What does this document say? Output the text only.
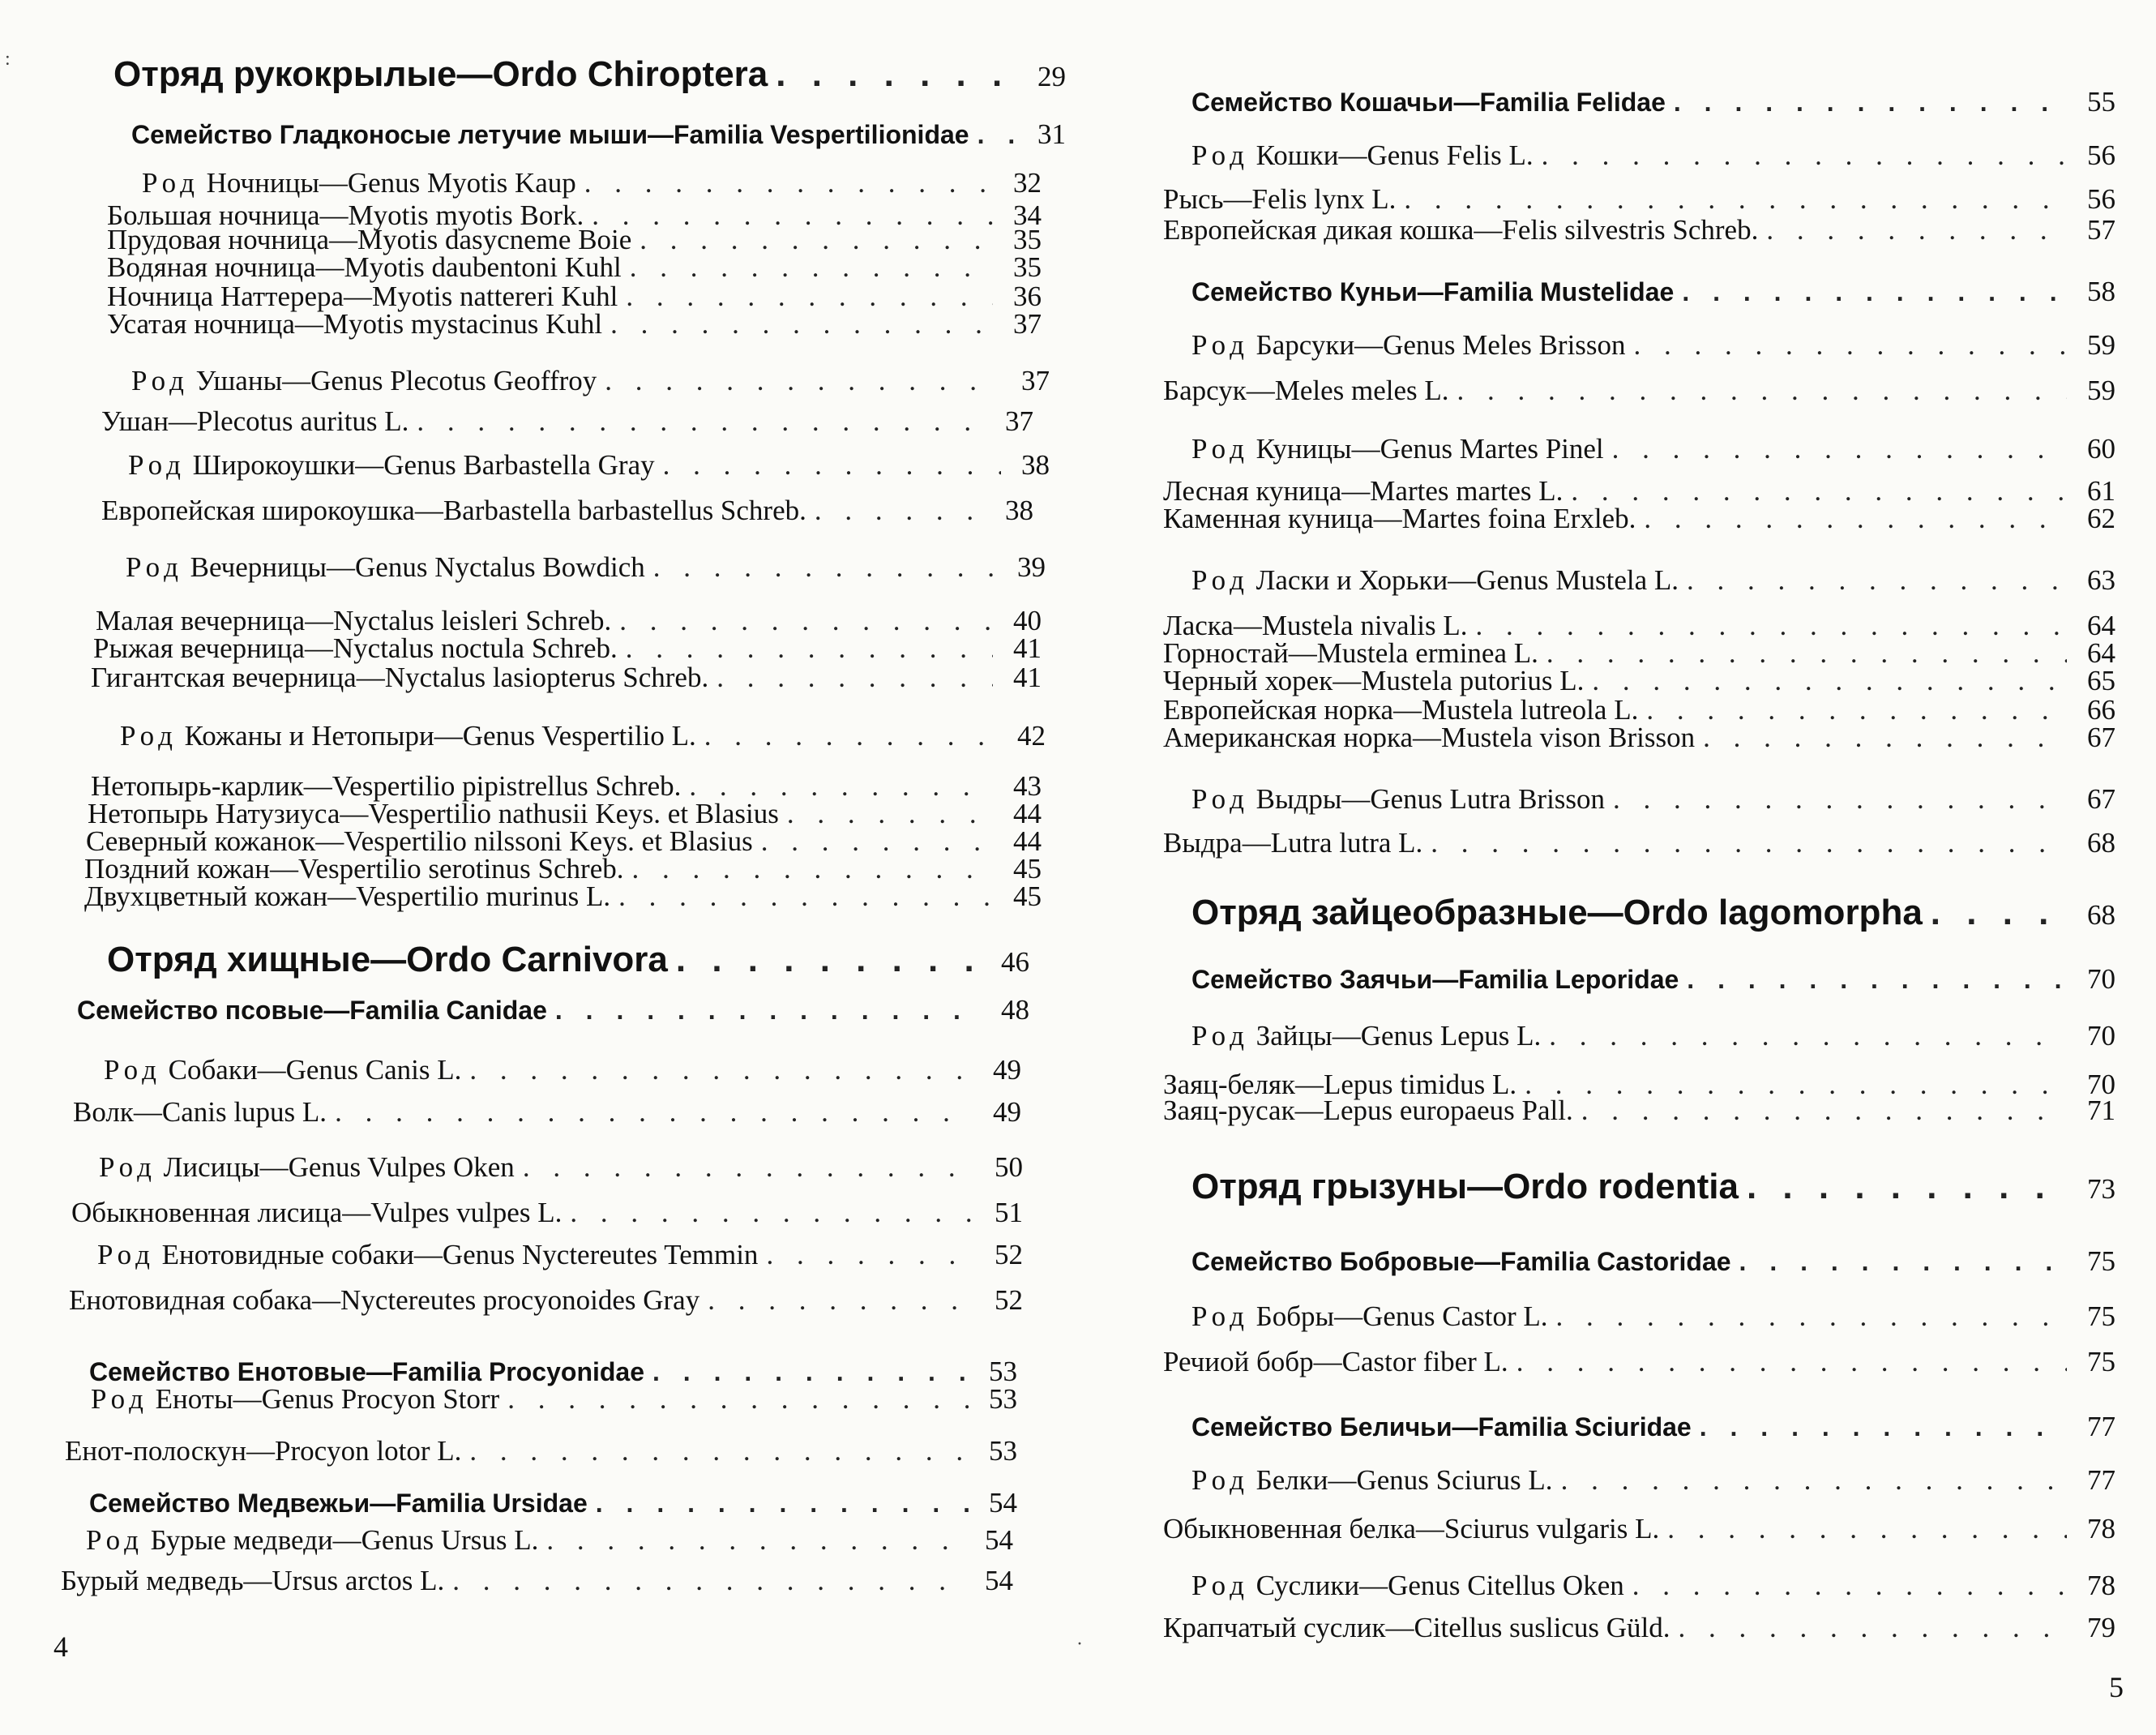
Отряд рукокрылые—Ordo Chiroptera . . .	29
Семейство Гладконосые летучие мыши—Familia Vespertilionidae . . .	31
Род Ночницы—Genus Myotis Kaup . . .	32
Большая ночница—Myotis myotis Bork. . . .	34
Прудовая ночница—Myotis dasycneme Boie . . .	35
Водяная ночница—Myotis daubentoni Kuhl . . .	35
Ночница Наттерера—Myotis nattereri Kuhl . . .	36
Усатая ночница—Myotis mystacinus Kuhl . . .	37
Род Ушаны—Genus Plecotus Geoffroy . . .	37
Ушан—Plecotus auritus L. . . .	37
Род Широкоушки—Genus Barbastella Gray . . .	38
Европейская широкоушка—Barbastella barbastellus Schreb. . . .	38
Род Вечерницы—Genus Nyctalus Bowdich . . .	39
Малая вечерница—Nyctalus leisleri Schreb. . . .	40
Рыжая вечерница—Nyctalus noctula Schreb. . . .	41
Гигантская вечерница—Nyctalus lasiopterus Schreb. . . .	41
Род Кожаны и Нетопыри—Genus Vespertilio L. . . .	42
Нетопырь-карлик—Vespertilio pipistrellus Schreb. . . .	43
Нетопырь Натузиуса—Vespertilio nathusii Keys. et Blasius . . .	44
Северный кожанок—Vespertilio nilssoni Keys. et Blasius . . .	44
Поздний кожан—Vespertilio serotinus Schreb. . . .	45
Двухцветный кожан—Vespertilio murinus L. . . .	45
Отряд хищные—Ordo Carnivora . . .	46
Семейство псовые—Familia Canidae . . .	48
Род Собаки—Genus Canis L. . . .	49
Волк—Canis lupus L. . . .	49
Род Лисицы—Genus Vulpes Oken . . .	50
Обыкновенная лисица—Vulpes vulpes L. . . .	51
Род Енотовидные собаки—Genus Nyctereutes Temmin . . .	52
Енотовидная собака—Nyctereutes procyonoides Gray . . .	52
Семейство Енотовые—Familia Procyonidae . . .	53
Род Еноты—Genus Procyon Storr . . .	53
Енот-полоскун—Procyon lotor L. . . .	53
Семейство Медвежьи—Familia Ursidae . . .	54
Род Бурые медведи—Genus Ursus L. . . .	54
Бурый медведь—Ursus arctos L. . . .	54
4
Семейство Кошачьи—Familia Felidae . . .	55
Род Кошки—Genus Felis L. . . .	56
Рысь—Felis lynx L. . . .	56
Европейская дикая кошка—Felis silvestris Schreb. . . .	57
Семейство Куньи—Familia Mustelidae . . .	58
Род Барсуки—Genus Meles Brisson . . .	59
Барсук—Meles meles L. . . .	59
Род Куницы—Genus Martes Pinel . . .	60
Лесная куница—Martes martes L. . . .	61
Каменная куница—Martes foina Erxleb. . . .	62
Род Ласки и Хорьки—Genus Mustela L. . . .	63
Ласка—Mustela nivalis L. . . .	64
Горностай—Mustela erminea L. . . .	64
Черный хорек—Mustela putorius L. . . .	65
Европейская норка—Mustela lutreola L. . . .	66
Американская норка—Mustela vison Brisson . . .	67
Род Выдры—Genus Lutra Brisson . . .	67
Выдра—Lutra lutra L. . . .	68
Отряд зайцеобразные—Ordo lagomorpha . . .	68
Семейство Заячьи—Familia Leporidae . . .	70
Род Зайцы—Genus Lepus L. . . .	70
Заяц-беляк—Lepus timidus L. . . .	70
Заяц-русак—Lepus europaeus Pall. . . .	71
Отряд грызуны—Ordo rodentia . . .	73
Семейство Бобровые—Familia Castoridae . . .	75
Род Бобры—Genus Castor L. . . .	75
Речиой бобр—Castor fiber L. . . .	75
Семейство Беличьи—Familia Sciuridae . . .	77
Род Белки—Genus Sciurus L. . . .	77
Обыкновенная белка—Sciurus vulgaris L. . . .	78
Род Суслики—Genus Citellus Oken . . .	78
Крапчатый суслик—Citellus suslicus Güld. . . .	79
5
:
·
